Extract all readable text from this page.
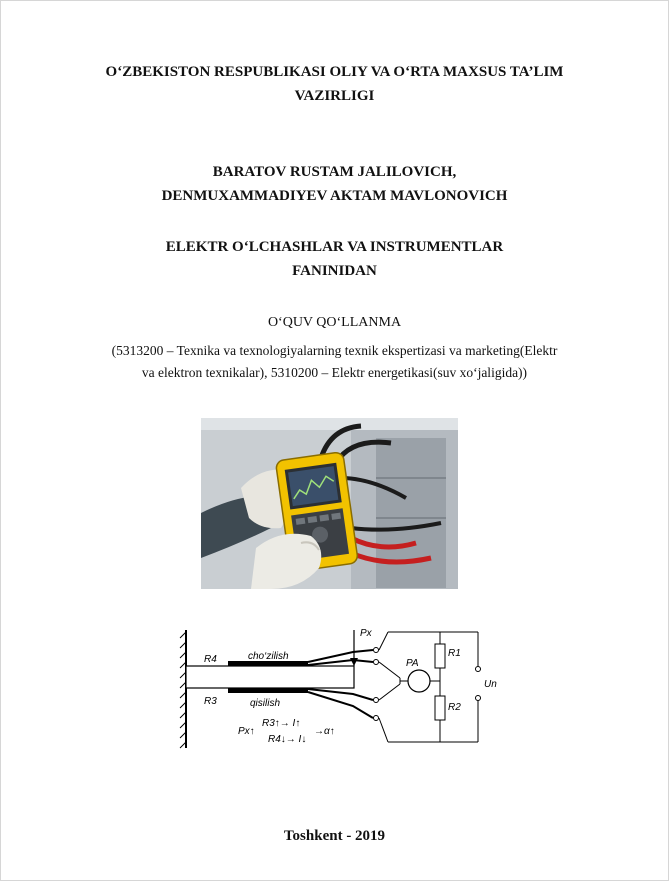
O‘ZBEKISTON RESPUBLIKASI OLIY VA O‘RTA MAXSUS TA’LIM
VAZIRLIGI
BARATOV RUSTAM JALILOVICH,
DENMUXAMMADIYEV AKTAM MAVLONOVICH
ELEKTR O‘LCHASHLAR VA INSTRUMENTLAR
FANINIDAN
O‘QUV QO‘LLANMA
(5313200 – Texnika va texnologiyalarning texnik ekspertizasi va marketing(Elektr
va elektron texnikalar), 5310200 – Elektr energetikasi(suv xo‘jaligida))
R4
R3
cho‘zilish
qisilish
Px
PA
R1
R2
Un
Px↑
R3↑→ I↑
R4↓→ I↓
→α↑
Toshkent - 2019
